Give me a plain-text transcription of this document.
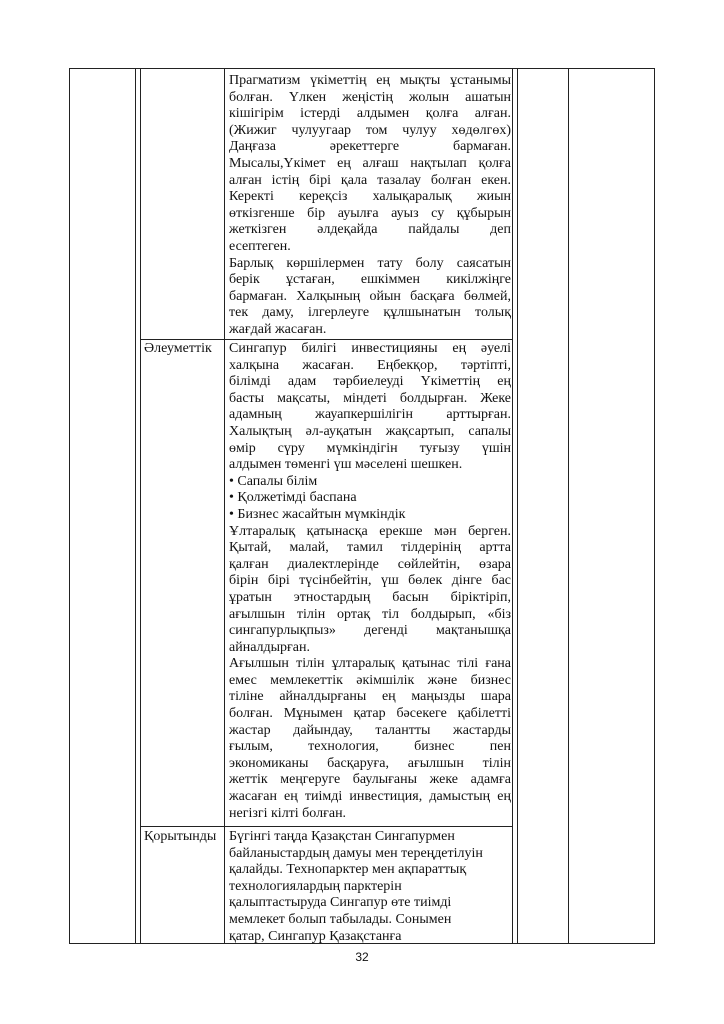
Прагматизм үкіметтің ең мықты ұстанымы
болған. Үлкен жеңістің жолын ашатын
кішігірім істерді алдымен қолға алған.
(Жижиг чулуугаар том чулуу хөдөлгөх)
Даңғаза әрекеттерге бармаған.
Мысалы,Үкімет ең алғаш нақтылап қолға
алған істің бірі қала тазалау болған екен.
Керекті кереқсіз халықаралық жиын
өткізгенше бір ауылға ауыз су құбырын
жеткізген әлдеқайда пайдалы деп
есептеген.
Барлық көршілермен тату болу саясатын
берік ұстаған, ешкіммен кикілжіңге
бармаған. Халқының ойын басқаға бөлмей,
тек даму, ілгерлеуге құлшынатын толық
жағдай жасаған.
Әлеуметтік	Сингапур билігі инвестицияны ең әуелі
халқына жасаған. Еңбекқор, тәртіпті,
білімді адам тәрбиелеуді Үкіметтің ең
басты мақсаты, міндеті болдырған. Жеке
адамның жауапкершілігін арттырған.
Халықтың әл-ауқатын жақсартып, сапалы
өмір сүру мүмкіндігін туғызу үшін
алдымен төменгі үш мәселені шешкен.
• Сапалы білім
• Қолжетімді баспана
• Бизнес жасайтын мүмкіндік
Ұлтаралық қатынасқа ерекше мән берген.
Қытай, малай, тамил тілдерінің артта
қалған диалектлерінде сөйлейтін, өзара
бірін бірі түсінбейтін, үш бөлек дінге бас
ұратын этностардың басын біріктіріп,
ағылшын тілін ортақ тіл болдырып, «біз
сингапурлықпыз» дегенді мақтанышқа
айналдырған.
Ағылшын тілін ұлтаралық қатынас тілі ғана
емес мемлекеттік әкімшілік және бизнес
тіліне айналдырғаны ең маңызды шара
болған. Мұнымен қатар бәсекеге қабілетті
жастар дайындау, талантты жастарды
ғылым, технология, бизнес пен
экономиканы басқаруға, ағылшын тілін
жеттік меңгеруге баулығаны жеке адамға
жасаған ең тиімді инвестиция, дамыстың ең
негізгі кілті болған.
Қорытынды Бүгінгі таңда Қазақстан Сингапурмен
байланыстардың дамуы мен тереңдетілуін
қалайды. Технопарктер мен ақпараттық
технологиялардың парктерін
қалыптастыруда Сингапур өте тиімді
мемлекет болып табылады. Сонымен
қатар, Сингапур Қазақстанға
32
